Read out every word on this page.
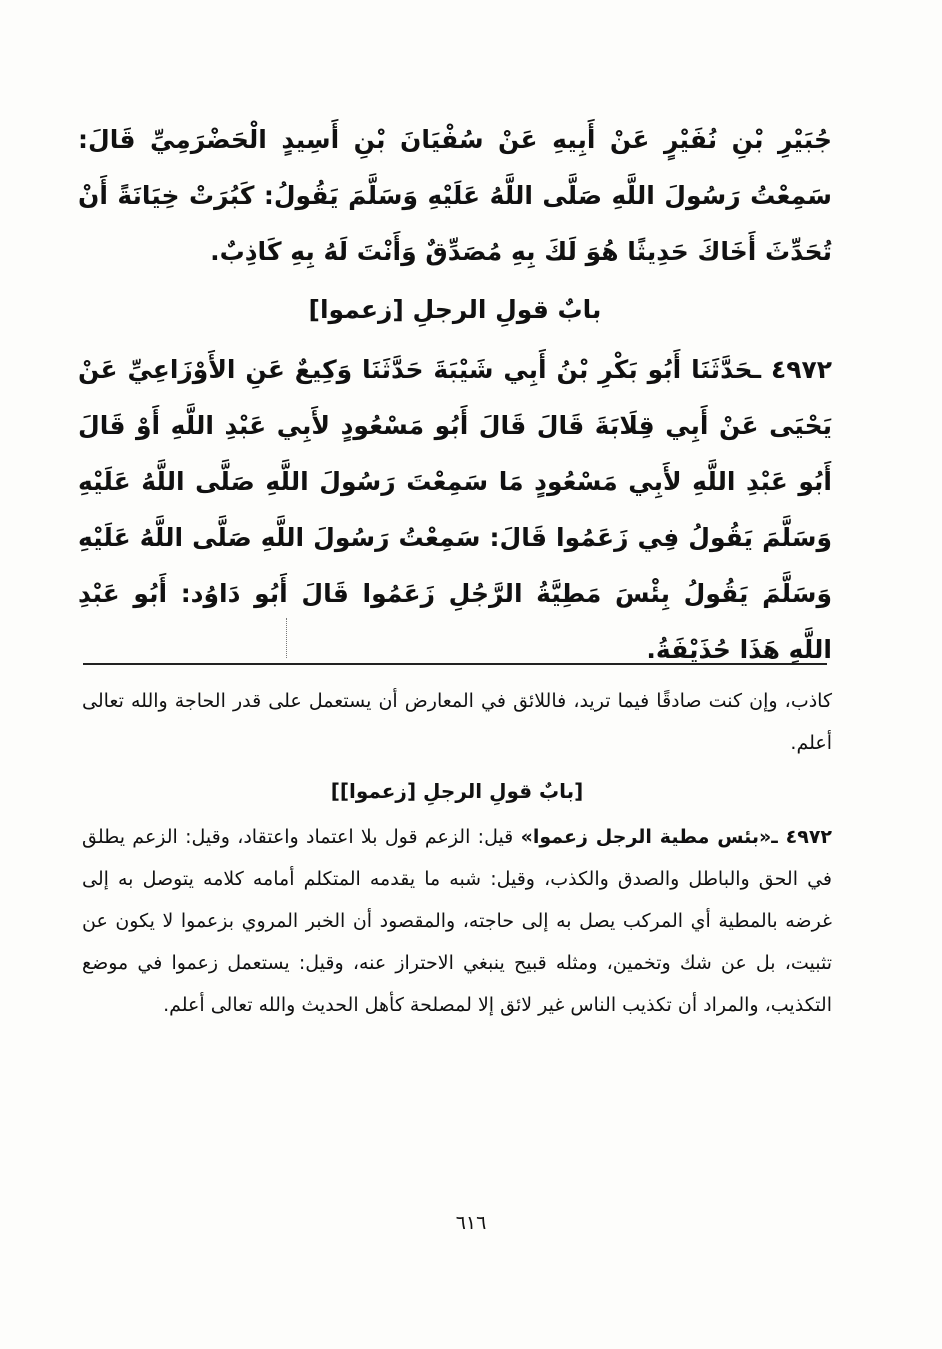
جُبَيْرِ بْنِ نُفَيْرٍ عَنْ أَبِيهِ عَنْ سُفْيَانَ بْنِ أَسِيدٍ الْحَضْرَمِيِّ قَالَ: سَمِعْتُ رَسُولَ اللَّهِ صَلَّى اللَّهُ عَلَيْهِ وَسَلَّمَ يَقُولُ: كَبُرَتْ خِيَانَةً أَنْ تُحَدِّثَ أَخَاكَ حَدِيثًا هُوَ لَكَ بِهِ مُصَدِّقٌ وَأَنْتَ لَهُ بِهِ كَاذِبٌ.

بابٌ قولِ الرجلِ [زعموا]

٤٩٧٢ ـحَدَّثَنَا أَبُو بَكْرِ بْنُ أَبِي شَيْبَةَ حَدَّثَنَا وَكِيعٌ عَنِ الأَوْزَاعِيِّ عَنْ يَحْيَى عَنْ أَبِي قِلَابَةَ قَالَ قَالَ أَبُو مَسْعُودٍ لأَبِي عَبْدِ اللَّهِ أَوْ قَالَ أَبُو عَبْدِ اللَّهِ لأَبِي مَسْعُودٍ مَا سَمِعْتَ رَسُولَ اللَّهِ صَلَّى اللَّهُ عَلَيْهِ وَسَلَّمَ يَقُولُ فِي زَعَمُوا قَالَ: سَمِعْتُ رَسُولَ اللَّهِ صَلَّى اللَّهُ عَلَيْهِ وَسَلَّمَ يَقُولُ بِئْسَ مَطِيَّةُ الرَّجُلِ زَعَمُوا قَالَ أَبُو دَاوُد: أَبُو عَبْدِ اللَّهِ هَذَا حُذَيْفَةُ.

كاذب، وإن كنت صادقًا فيما تريد، فاللائق في المعارض أن يستعمل على قدر الحاجة والله تعالى أعلم.

[بابٌ قولِ الرجلِ [زعموا]]

٤٩٧٢ ـ«بئس مطية الرجل زعموا» قيل: الزعم قول بلا اعتماد واعتقاد، وقيل: الزعم يطلق في الحق والباطل والصدق والكذب، وقيل: شبه ما يقدمه المتكلم أمامه كلامه يتوصل به إلى غرضه بالمطية أي المركب يصل به إلى حاجته، والمقصود أن الخبر المروي بزعموا لا يكون عن تثبيت، بل عن شك وتخمين، ومثله قبيح ينبغي الاحتراز عنه، وقيل: يستعمل زعموا في موضع التكذيب، والمراد أن تكذيب الناس غير لائق إلا لمصلحة كأهل الحديث والله تعالى أعلم.

٦١٦
